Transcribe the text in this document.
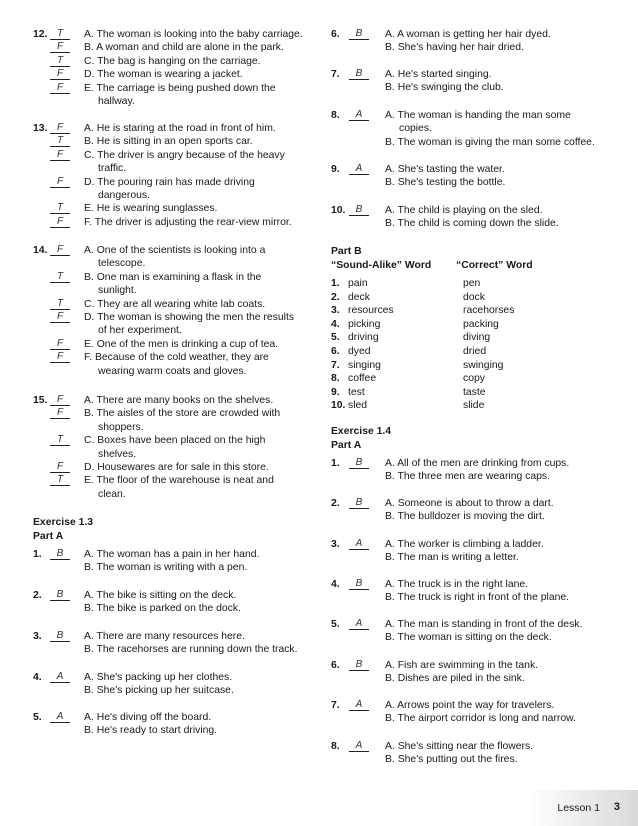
12. T	A. The woman is looking into the baby carriage.
F	B. A woman and child are alone in the park.
T	C. The bag is hanging on the carriage.
F	D. The woman is wearing a jacket.
F	E. The carriage is being pushed down the
hallway.
13. F	A. He is staring at the road in front of him.
T	B. He is sitting in an open sports car.
F	C. The driver is angry because of the heavy
traffic.
F	D. The pouring rain has made driving
dangerous.
T	E. He is wearing sunglasses.
F	F. The driver is adjusting the rear-view mirror.
14. F	A. One of the scientists is looking into a
telescope.
T	B. One man is examining a flask in the
sunlight.
T	C. They are all wearing white lab coats.
F	D. The woman is showing the men the results
of her experiment.
F	E. One of the men is drinking a cup of tea.
F	F. Because of the cold weather, they are
wearing warm coats and gloves.
15. F	A. There are many books on the shelves.
F	B. The aisles of the store are crowded with
shoppers.
T	C. Boxes have been placed on the high
shelves.
F	D. Housewares are for sale in this store.
T	E. The floor of the warehouse is neat and
clean.
Exercise 1.3
Part A
1.	B	A. The woman has a pain in her hand.
B. The woman is writing with a pen.
2.	B	A. The bike is sitting on the deck.
B. The bike is parked on the dock.
3.	B	A. There are many resources here.
B. The racehorses are running down the track.
4.	A	A. She's packing up her clothes.
B. She's picking up her suitcase.
5.	A	A. He's diving off the board.
B. He's ready to start driving.
6.	B	A. A woman is getting her hair dyed.
B. She's having her hair dried.
7.	B	A. He's started singing.
B. He's swinging the club.
8.	A	A. The woman is handing the man some
copies.
B. The woman is giving the man some coffee.
9.	A	A. She's tasting the water.
B. She's testing the bottle.
10.	B	A. The child is playing on the sled.
B. The child is coming down the slide.
Part B
“Sound-Alike” Word “Correct” Word
1. pain	pen
2. deck	dock
3. resources	racehorses
4. picking	packing
5. driving	diving
6. dyed	dried
7. singing	swinging
8. coffee	copy
9. test	taste
10. sled	slide
Exercise 1.4
Part A
1.	B	A. All of the men are drinking from cups.
B. The three men are wearing caps.
2.	B	A. Someone is about to throw a dart.
B. The bulldozer is moving the dirt.
3.	A	A. The worker is climbing a ladder.
B. The man is writing a letter.
4.	B	A. The truck is in the right lane.
B. The truck is right in front of the plane.
5.	A	A. The man is standing in front of the desk.
B. The woman is sitting on the deck.
6.	B	A. Fish are swimming in the tank.
B. Dishes are piled in the sink.
7.	A	A. Arrows point the way for travelers.
B. The airport corridor is long and narrow.
8.	A	A. She's sitting near the flowers.
B. She's putting out the fires.
Lesson 1 3
